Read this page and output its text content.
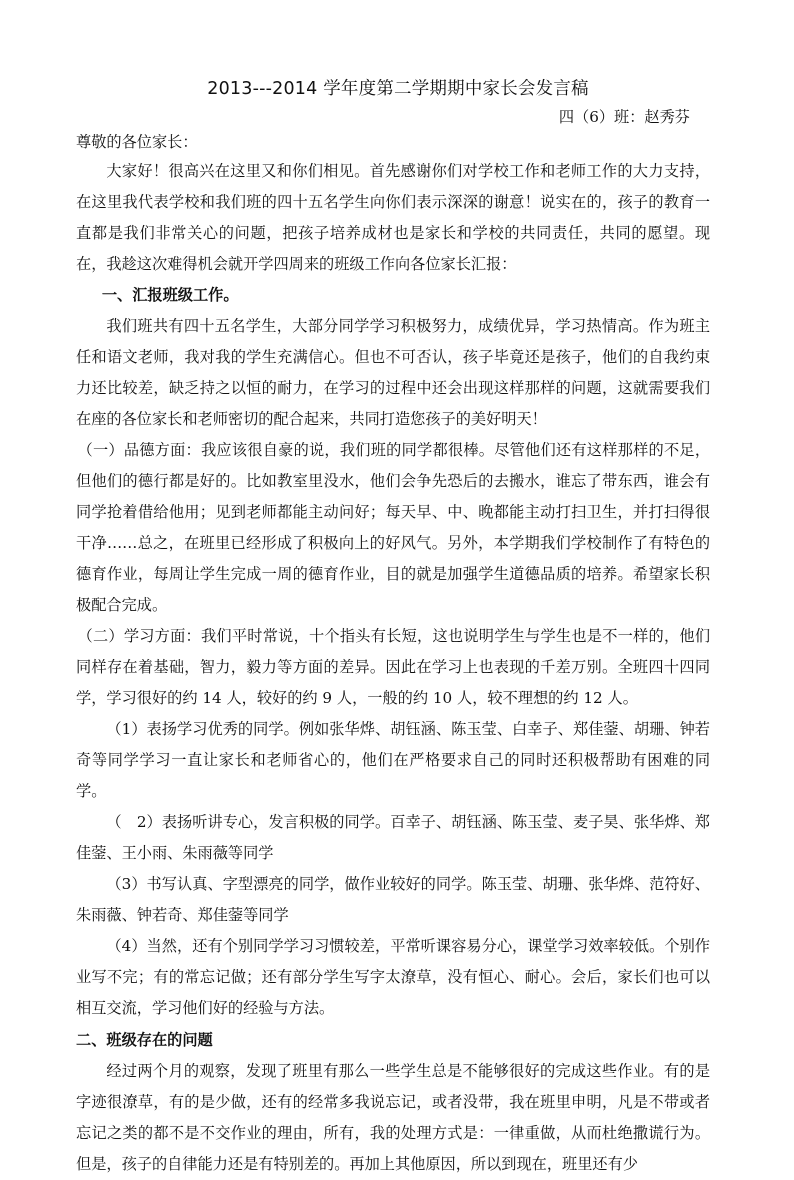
2013---2014 学年度第二学期期中家长会发言稿
四（6）班：赵秀芬
尊敬的各位家长：

大家好！很高兴在这里又和你们相见。首先感谢你们对学校工作和老师工作的大力支持，在这里我代表学校和我们班的四十五名学生向你们表示深深的谢意！说实在的，孩子的教育一直都是我们非常关心的问题，把孩子培养成材也是家长和学校的共同责任，共同的愿望。现在，我趁这次难得机会就开学四周来的班级工作向各位家长汇报：

一、汇报班级工作。

我们班共有四十五名学生，大部分同学学习积极努力，成绩优异，学习热情高。作为班主任和语文老师，我对我的学生充满信心。但也不可否认，孩子毕竟还是孩子，他们的自我约束力还比较差，缺乏持之以恒的耐力，在学习的过程中还会出现这样那样的问题，这就需要我们在座的各位家长和老师密切的配合起来，共同打造您孩子的美好明天！

（一）品德方面：我应该很自豪的说，我们班的同学都很棒。尽管他们还有这样那样的不足，但他们的德行都是好的。比如教室里没水，他们会争先恐后的去搬水，谁忘了带东西，谁会有同学抢着借给他用；见到老师都能主动问好；每天早、中、晚都能主动打扫卫生，并打扫得很干净……总之，在班里已经形成了积极向上的好风气。另外，本学期我们学校制作了有特色的德育作业，每周让学生完成一周的德育作业，目的就是加强学生道德品质的培养。希望家长积极配合完成。

（二）学习方面：我们平时常说，十个指头有长短，这也说明学生与学生也是不一样的，他们同样存在着基础，智力，毅力等方面的差异。因此在学习上也表现的千差万别。全班四十四同学，学习很好的约 14 人，较好的约 9 人，一般的约 10 人，较不理想的约 12 人。

（1）表扬学习优秀的同学。例如张华烨、胡钰涵、陈玉莹、白幸子、郑佳蓥、胡珊、钟若奇等同学学习一直让家长和老师省心的，他们在严格要求自己的同时还积极帮助有困难的同学。

（　2）表扬听讲专心，发言积极的同学。百幸子、胡钰涵、陈玉莹、麦子昊、张华烨、郑佳蓥、王小雨、朱雨薇等同学

（3）书写认真、字型漂亮的同学，做作业较好的同学。陈玉莹、胡珊、张华烨、范符好、朱雨薇、钟若奇、郑佳蓥等同学

（4）当然，还有个别同学学习习惯较差，平常听课容易分心，课堂学习效率较低。个别作业写不完；有的常忘记做；还有部分学生写字太潦草，没有恒心、耐心。会后，家长们也可以相互交流，学习他们好的经验与方法。

二、班级存在的问题

经过两个月的观察，发现了班里有那么一些学生总是不能够很好的完成这些作业。有的是字迹很潦草，有的是少做，还有的经常多我说忘记，或者没带，我在班里申明，凡是不带或者忘记之类的都不是不交作业的理由，所有，我的处理方式是：一律重做，从而杜绝撒谎行为。但是，孩子的自律能力还是有特别差的。再加上其他原因，所以到现在，班里还有少
